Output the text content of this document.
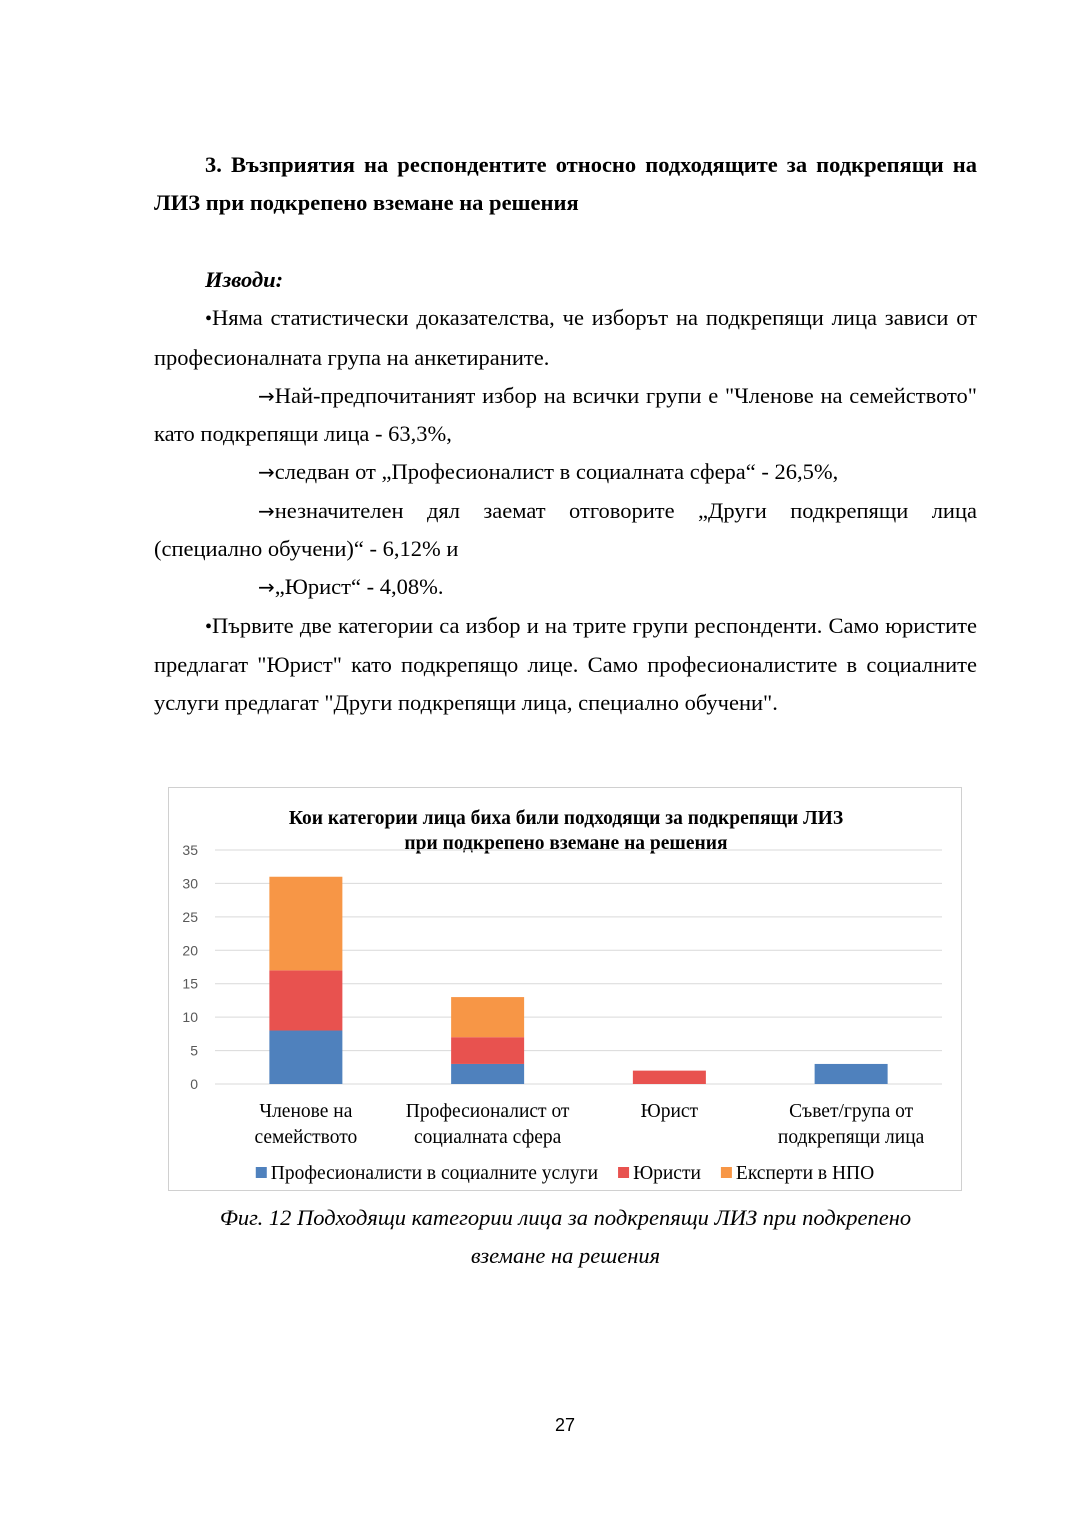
3. Възприятия на респондентите относно подходящите за подкрепящи на ЛИЗ при подкрепено вземане на решения

Изводи:

•Няма статистически доказателства, че изборът на подкрепящи лица зависи от професионалната група на анкетираните.

→Най-предпочитаният избор на всички групи е "Членове на семейството" като подкрепящи лица - 63,3%,

→следван от „Професионалист в социалната сфера“ - 26,5%,

→незначителен дял заемат отговорите „Други подкрепящи лица (специално обучени)“ - 6,12% и

→„Юрист“ - 4,08%.

•Първите две категории са избор и на трите групи респонденти. Само юристите предлагат "Юрист" като подкрепящо лице. Само професионалистите в социалните услуги предлагат "Други подкрепящи лица, специално обучени".

Кои категории лица биха били подходящи за подкрепящи ЛИЗ
при подкрепено вземане на решения
0
5
10
15
20
25
30
35
Членове на
семейството
Професионалист от
социалната сфера
Юрист	Съвет/група от
подкрепящи лица
Професионалисти в социалните услуги Юристи Експерти в НПО
Фиг. 12 Подходящи категории лица за подкрепящи ЛИЗ при подкрепено
вземане на решения
27
